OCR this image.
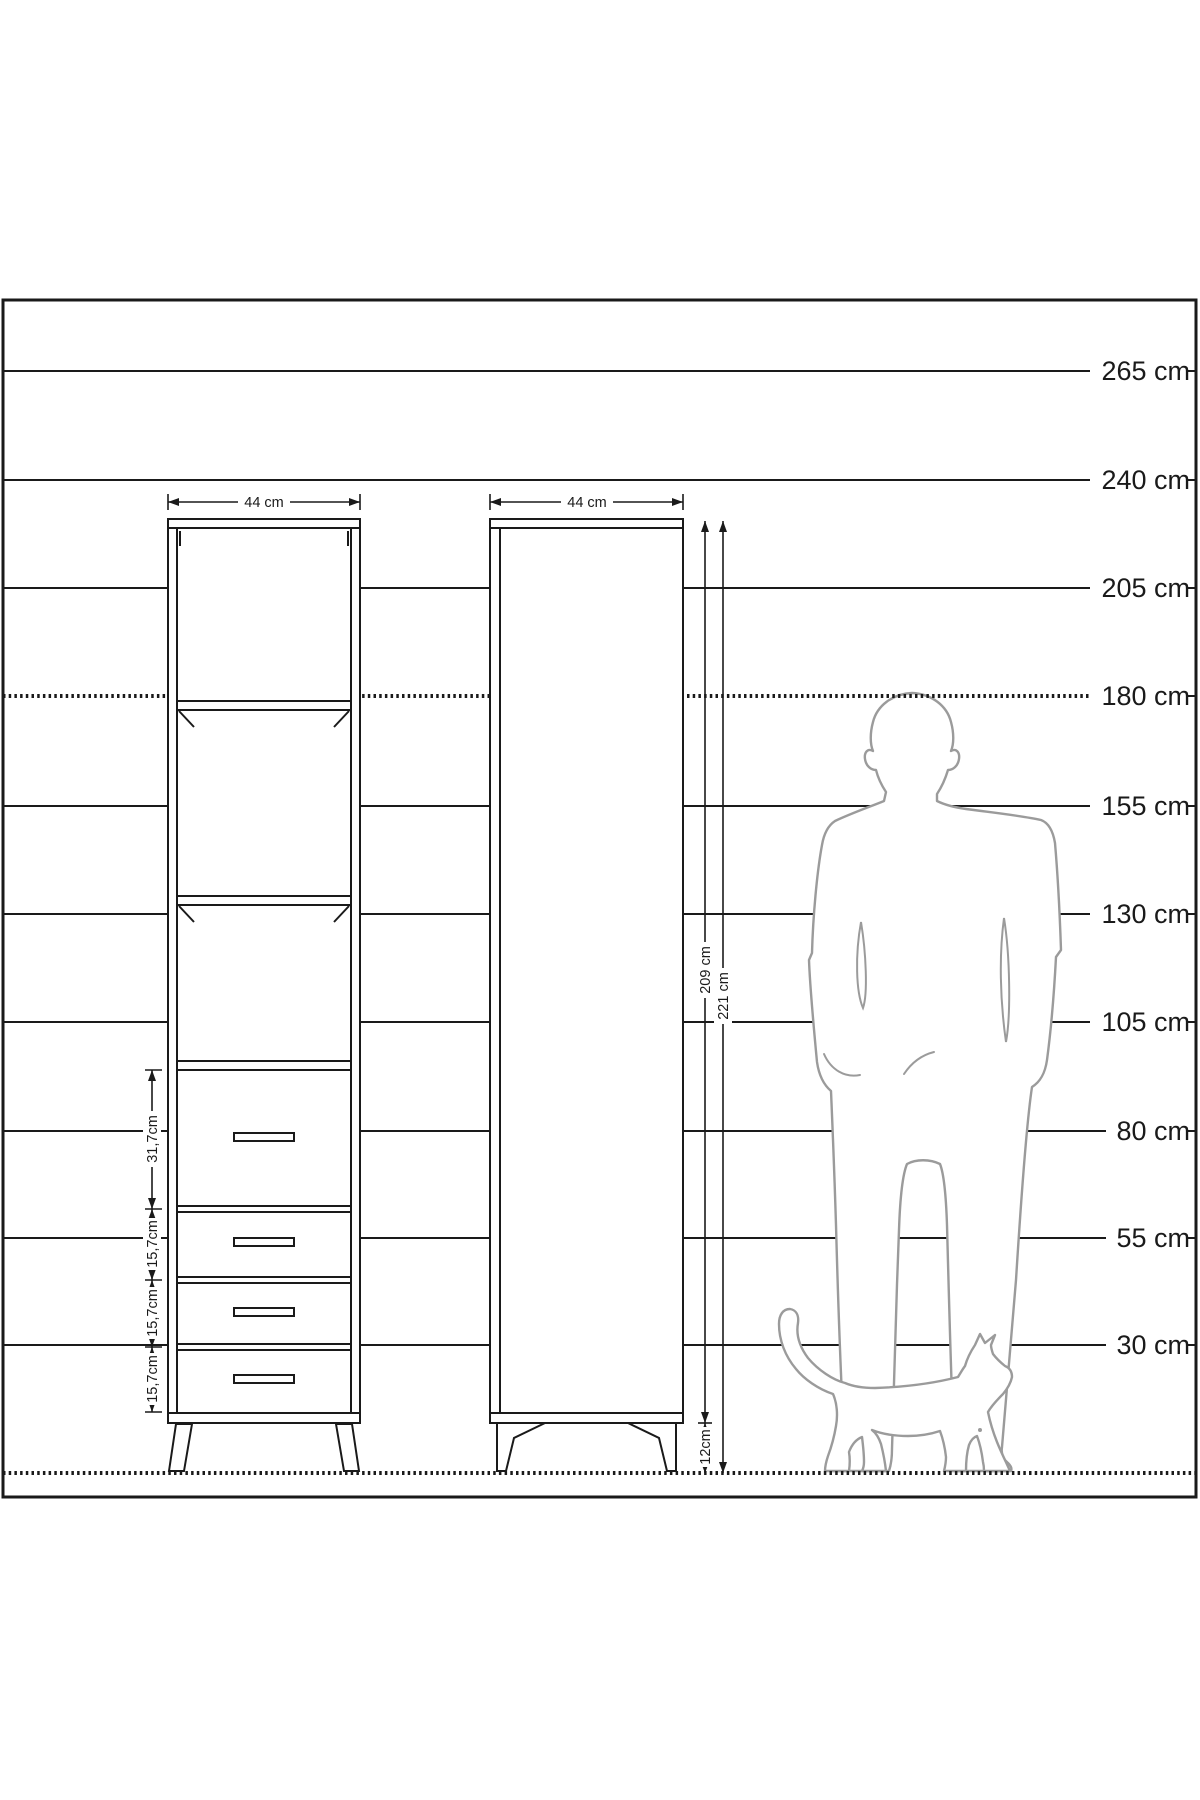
44 cm	44 cm
31,7cm
15,7cm
15,7cm
15,7cm
209 cm
221 cm
12cm
265 cm
240 cm
205 cm
180 cm
155 cm
130 cm
105 cm
80 cm
55 cm
30 cm
